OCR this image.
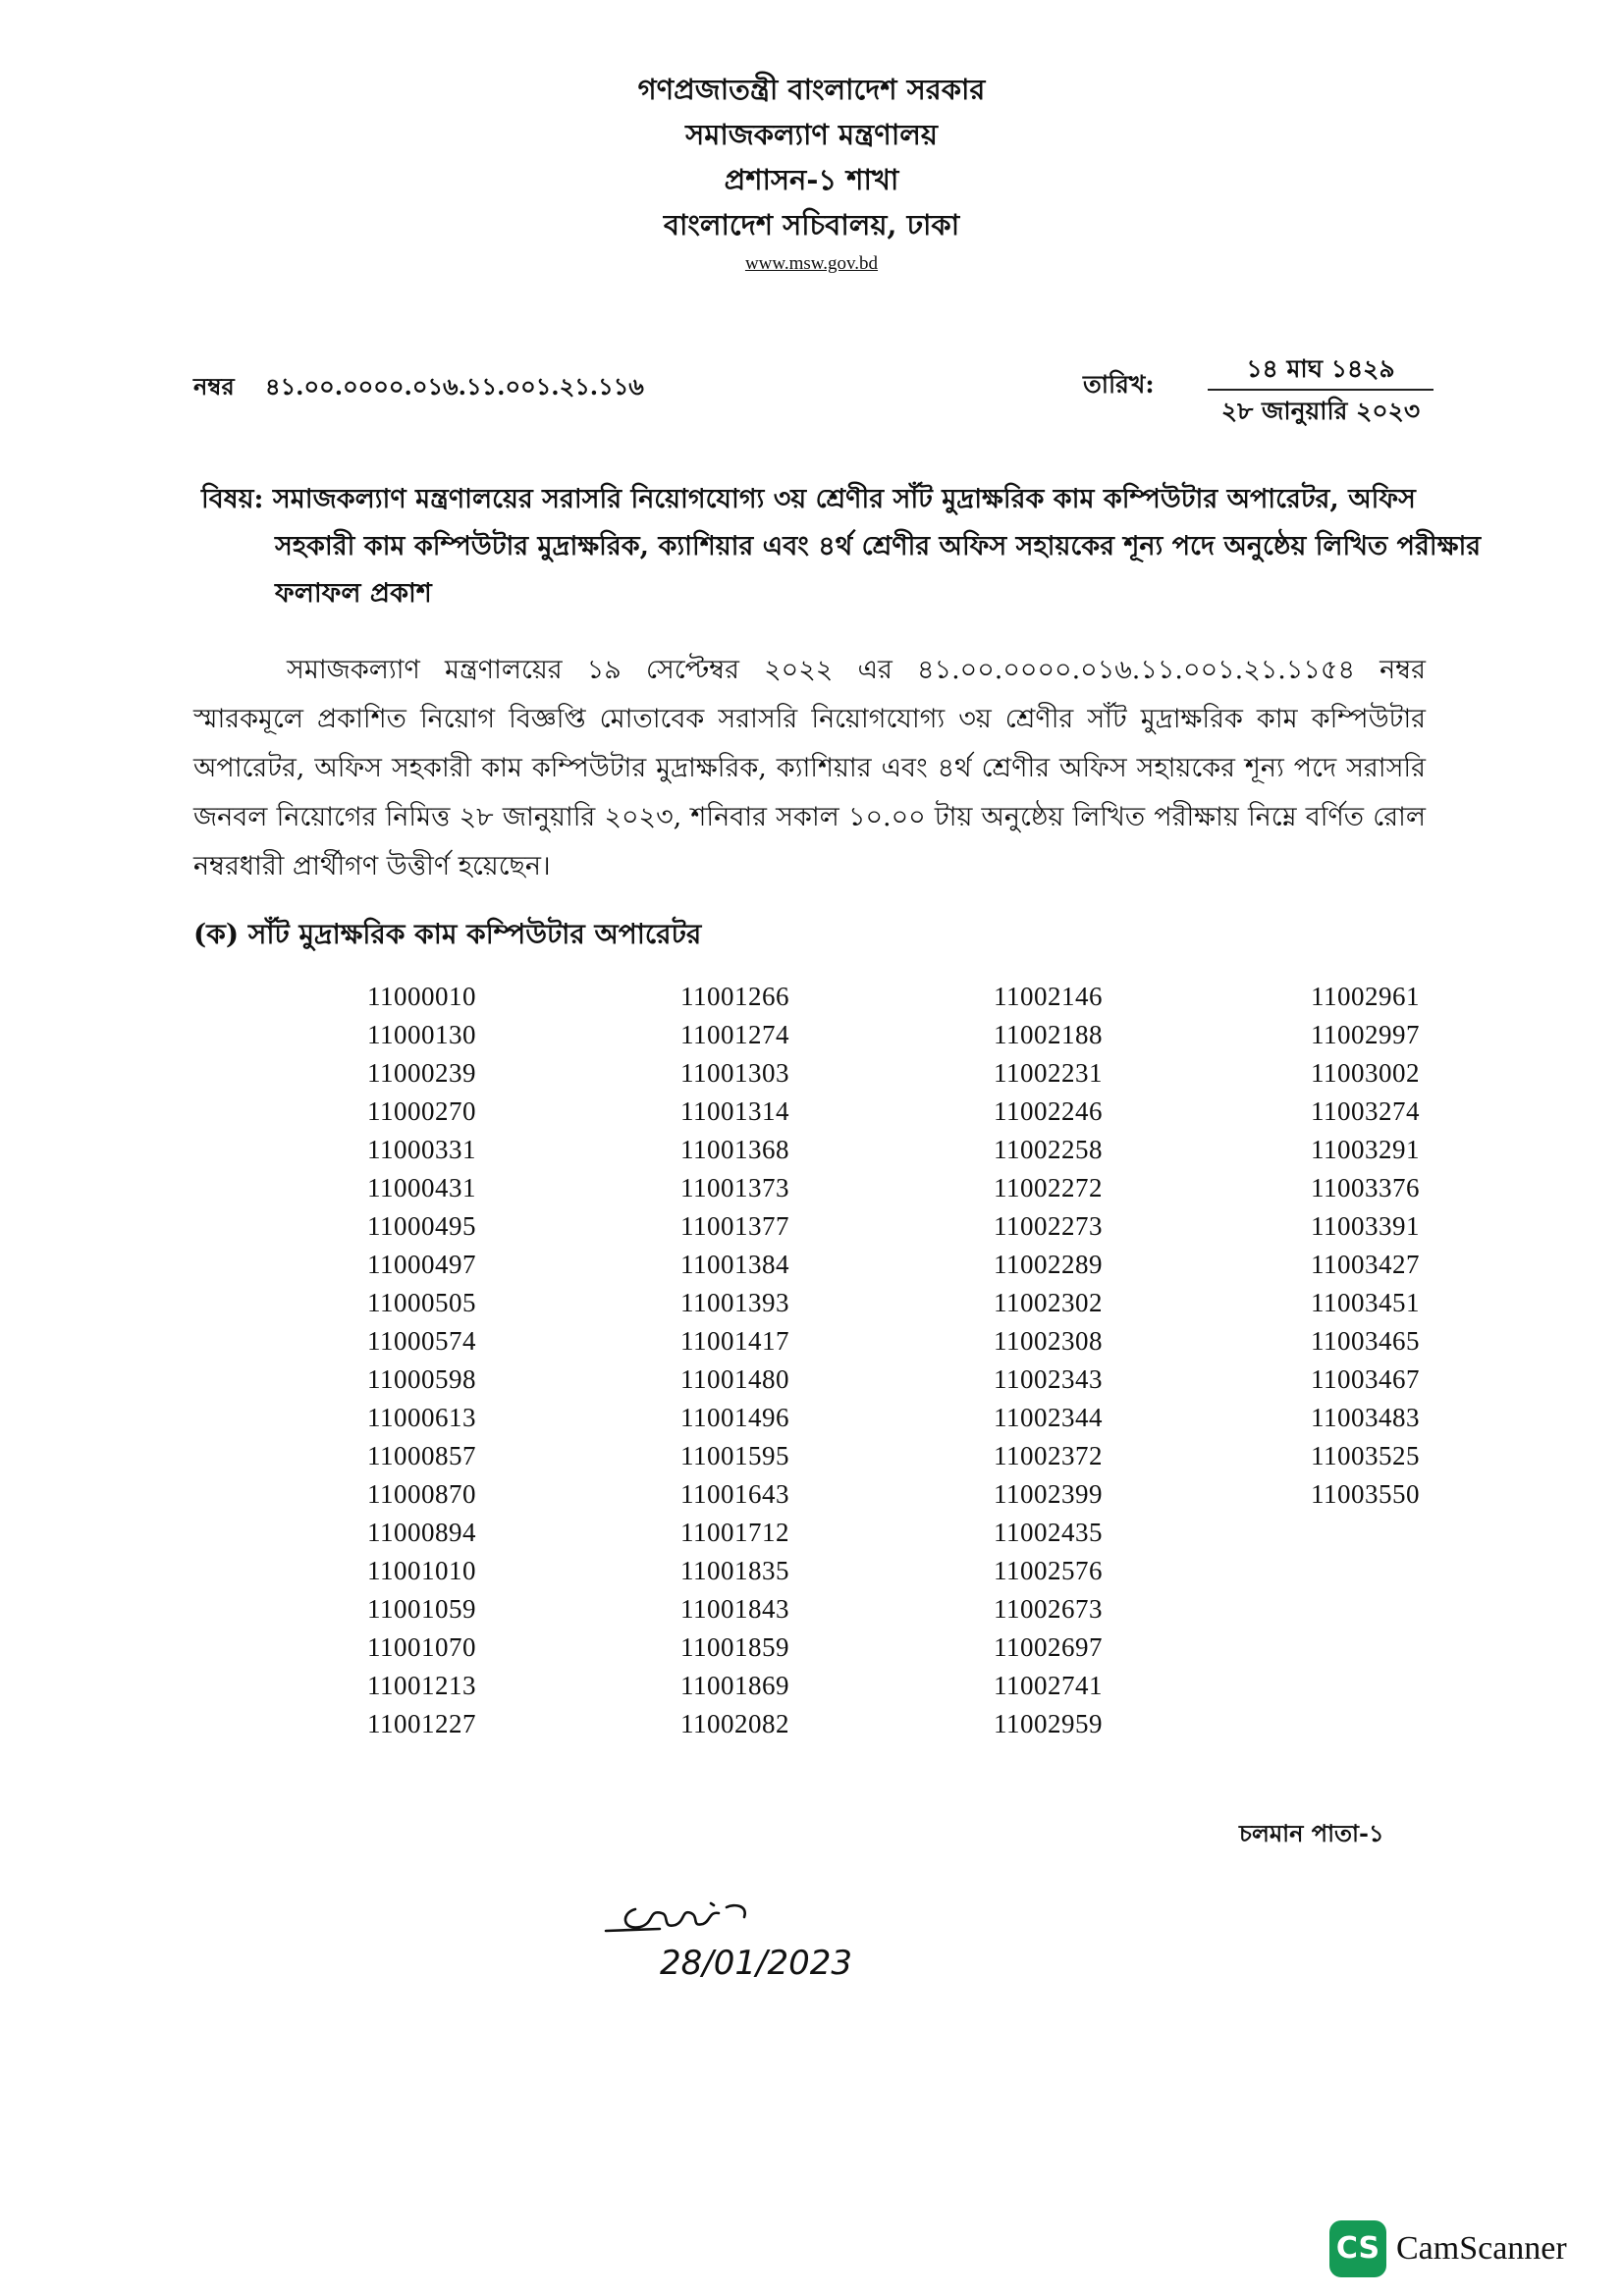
গণপ্রজাতন্ত্রী বাংলাদেশ সরকার
সমাজকল্যাণ মন্ত্রণালয়
প্রশাসন-১ শাখা
বাংলাদেশ সচিবালয়, ঢাকা
www.msw.gov.bd
নম্বর ৪১.০০.০০০০.০১৬.১১.০০১.২১.১১৬	তারিখ:
১৪ মাঘ ১৪২৯
২৮ জানুয়ারি ২০২৩
বিষয়: সমাজকল্যাণ মন্ত্রণালয়ের সরাসরি নিয়োগযোগ্য ৩য় শ্রেণীর সাঁট মুদ্রাক্ষরিক কাম কম্পিউটার অপারেটর, অফিস সহকারী কাম কম্পিউটার মুদ্রাক্ষরিক, ক্যাশিয়ার এবং ৪র্থ শ্রেণীর অফিস সহায়কের শূন্য পদে অনুষ্ঠেয় লিখিত পরীক্ষার ফলাফল প্রকাশ
সমাজকল্যাণ মন্ত্রণালয়ের ১৯ সেপ্টেম্বর ২০২২ এর ৪১.০০.০০০০.০১৬.১১.০০১.২১.১১৫৪ নম্বর স্মারকমূলে প্রকাশিত নিয়োগ বিজ্ঞপ্তি মোতাবেক সরাসরি নিয়োগযোগ্য ৩য় শ্রেণীর সাঁট মুদ্রাক্ষরিক কাম কম্পিউটার অপারেটর, অফিস সহকারী কাম কম্পিউটার মুদ্রাক্ষরিক, ক্যাশিয়ার এবং ৪র্থ শ্রেণীর অফিস সহায়কের শূন্য পদে সরাসরি জনবল নিয়োগের নিমিত্ত ২৮ জানুয়ারি ২০২৩, শনিবার সকাল ১০.০০ টায় অনুষ্ঠেয় লিখিত পরীক্ষায় নিম্নে বর্ণিত রোল নম্বরধারী প্রার্থীগণ উত্তীর্ণ হয়েছেন।
(ক) সাঁট মুদ্রাক্ষরিক কাম কম্পিউটার অপারেটর
11000010
11000130
11000239
11000270
11000331
11000431
11000495
11000497
11000505
11000574
11000598
11000613
11000857
11000870
11000894
11001010
11001059
11001070
11001213
11001227
11001266
11001274
11001303
11001314
11001368
11001373
11001377
11001384
11001393
11001417
11001480
11001496
11001595
11001643
11001712
11001835
11001843
11001859
11001869
11002082
11002146
11002188
11002231
11002246
11002258
11002272
11002273
11002289
11002302
11002308
11002343
11002344
11002372
11002399
11002435
11002576
11002673
11002697
11002741
11002959
11002961
11002997
11003002
11003274
11003291
11003376
11003391
11003427
11003451
11003465
11003467
11003483
11003525
11003550
চলমান পাতা-১
28/01/2023
CS CamScanner
